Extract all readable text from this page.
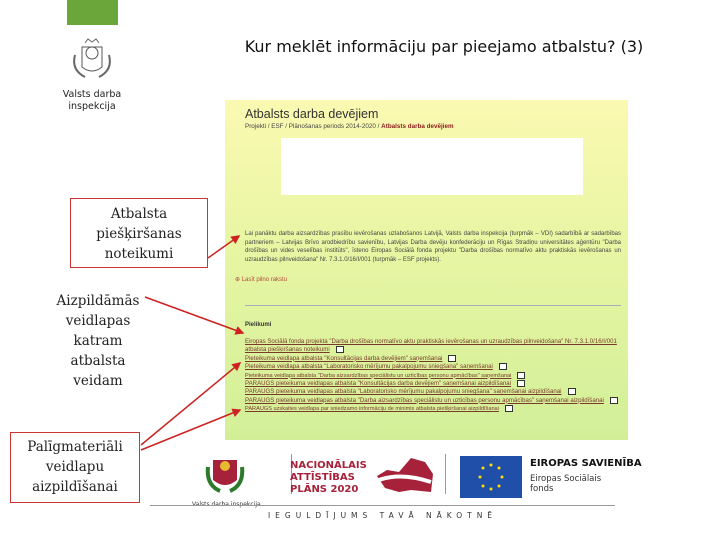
Valsts darba inspekcija
Kur meklēt informāciju par pieejamo atbalstu? (3)
Atbalsts darba devējiem
Projekti / ESF / Plānošanas periods 2014-2020 / Atbalsts darba devējiem
Lai panāktu darba aizsardzības prasību ievērošanas uzlabošanos Latvijā, Valsts darba inspekcija (turpmāk – VDI) sadarbībā ar sadarbības partneriem – Latvijas Brīvo arodbiedrību savienību, Latvijas Darba devēju konfederāciju un Rīgas Stradiņu universitātes aģentūru "Darba drošības un vides veselības institūts", īsteno Eiropas Sociālā fonda projektu "Darba drošības normatīvo aktu praktiskās ievērošanas un uzraudzības pilnveidošana" Nr. 7.3.1.0/16/I/001 (turpmāk – ESF projekts).
⊕ Lasīt pilno rakstu
Pielikumi
Eiropas Sociālā fonda projekta "Darba drošības normatīvo aktu praktiskās ievērošanas un uzraudzības pilnveidošana" Nr. 7.3.1.0/16/I/001 atbalsta piešķiršanas noteikumi
Pieteikuma veidlapa atbalsta "Konsultācijas darba devējiem" saņemšanai
Pieteikuma veidlapa atbalsta "Laboratorisko mērījumu pakalpojumu sniegšana" saņemšanai
Pieteikuma veidlapa atbalsta "Darba aizsardzības speciālistu un uzticības personu apmācības" saņemšanai
PARAUGS pieteikuma veidlapas atbalsta "Konsultācijas darba devējiem" saņemšanai aizpildīšanai
PARAUGS pieteikuma veidlapas atbalsta "Laboratorisko mērījumu pakalpojumu sniegšana" saņemšanai aizpildīšanai
PARAUGS pieteikuma veidlapas atbalsta "Darba aizsardzības speciālistu un uzticības personu apmācības" saņemšanai aizpildīšanai
PARAUGS uzskaites veidlapa par sniedzamo informāciju de minimis atbalsta piešķiršanai aizpildīšanai
Atbalsta piešķiršanas noteikumi
Aizpildāmās veidlapas katram atbalsta veidam
Palīgmateriāli veidlapu aizpildīšanai
Valsts darba inspekcija
NACIONĀLAIS
ATTĪSTĪBAS
PLĀNS 2020
EIROPAS SAVIENĪBA
Eiropas Sociālais fonds
IEGULDĪJUMS TAVĀ NĀKOTNĒ
